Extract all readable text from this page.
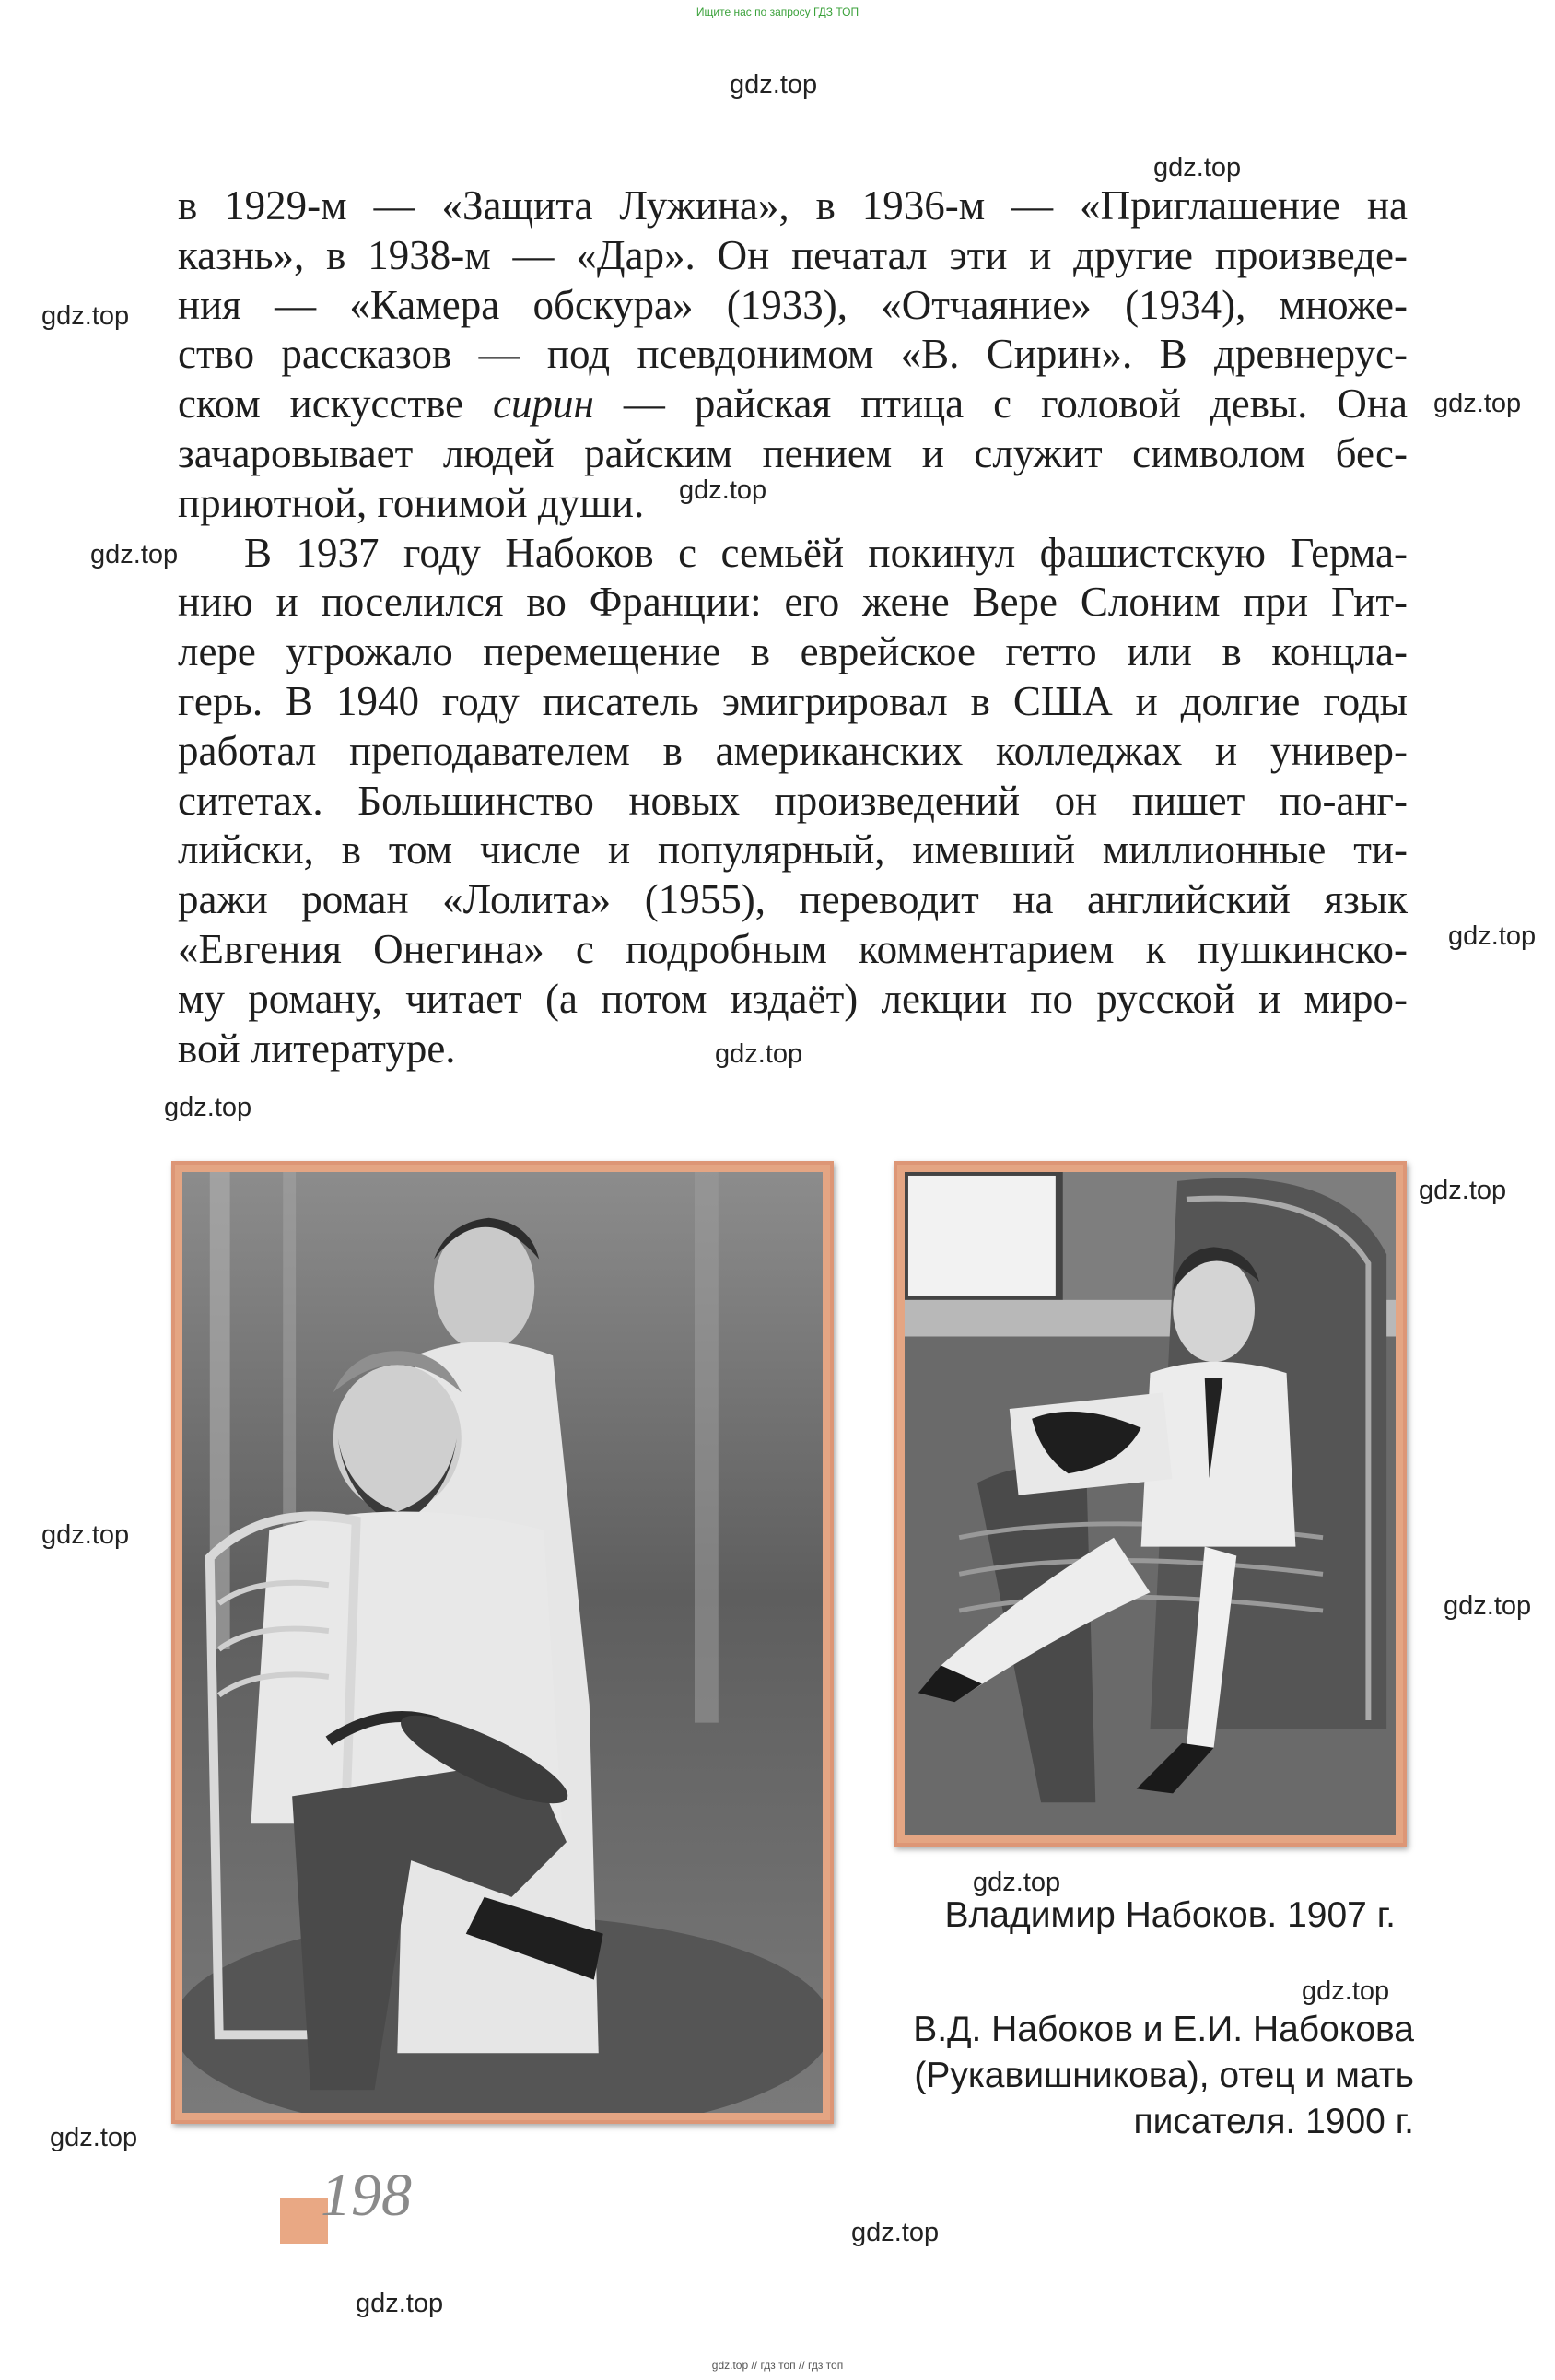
Ищите нас по запросу ГДЗ ТОП
gdz.top
gdz.top
gdz.top
gdz.top
gdz.top
gdz.top
gdz.top
gdz.top
gdz.top
gdz.top
gdz.top
gdz.top
gdz.top
gdz.top
gdz.top
gdz.top
gdz.top
в 1929-м — «Защита Лужина», в 1936-м — «Приглашение на
казнь», в 1938-м — «Дар». Он печатал эти и другие произведе-
ния — «Камера обскура» (1933), «Отчаяние» (1934), множе-
ство рассказов — под псевдонимом «В. Сирин». В древнерус-
ском искусстве сирин — райская птица с головой девы. Она
зачаровывает людей райским пением и служит символом бес-
приютной, гонимой души.
В 1937 году Набоков с семьёй покинул фашистскую Герма-
нию и поселился во Франции: его жене Вере Слоним при Гит-
лере угрожало перемещение в еврейское гетто или в концла-
герь. В 1940 году писатель эмигрировал в США и долгие годы
работал преподавателем в американских колледжах и универ-
ситетах. Большинство новых произведений он пишет по-анг-
лийски, в том числе и популярный, имевший миллионные ти-
ражи роман «Лолита» (1955), переводит на английский язык
«Евгения Онегина» с подробным комментарием к пушкинско-
му роману, читает (а потом издаёт) лекции по русской и миро-
вой литературе.
Владимир Набоков. 1907 г.
В.Д. Набоков и Е.И. Набокова
(Рукавишникова), отец и мать
писателя. 1900 г.
198
gdz.top // гдз топ // гдз топ
